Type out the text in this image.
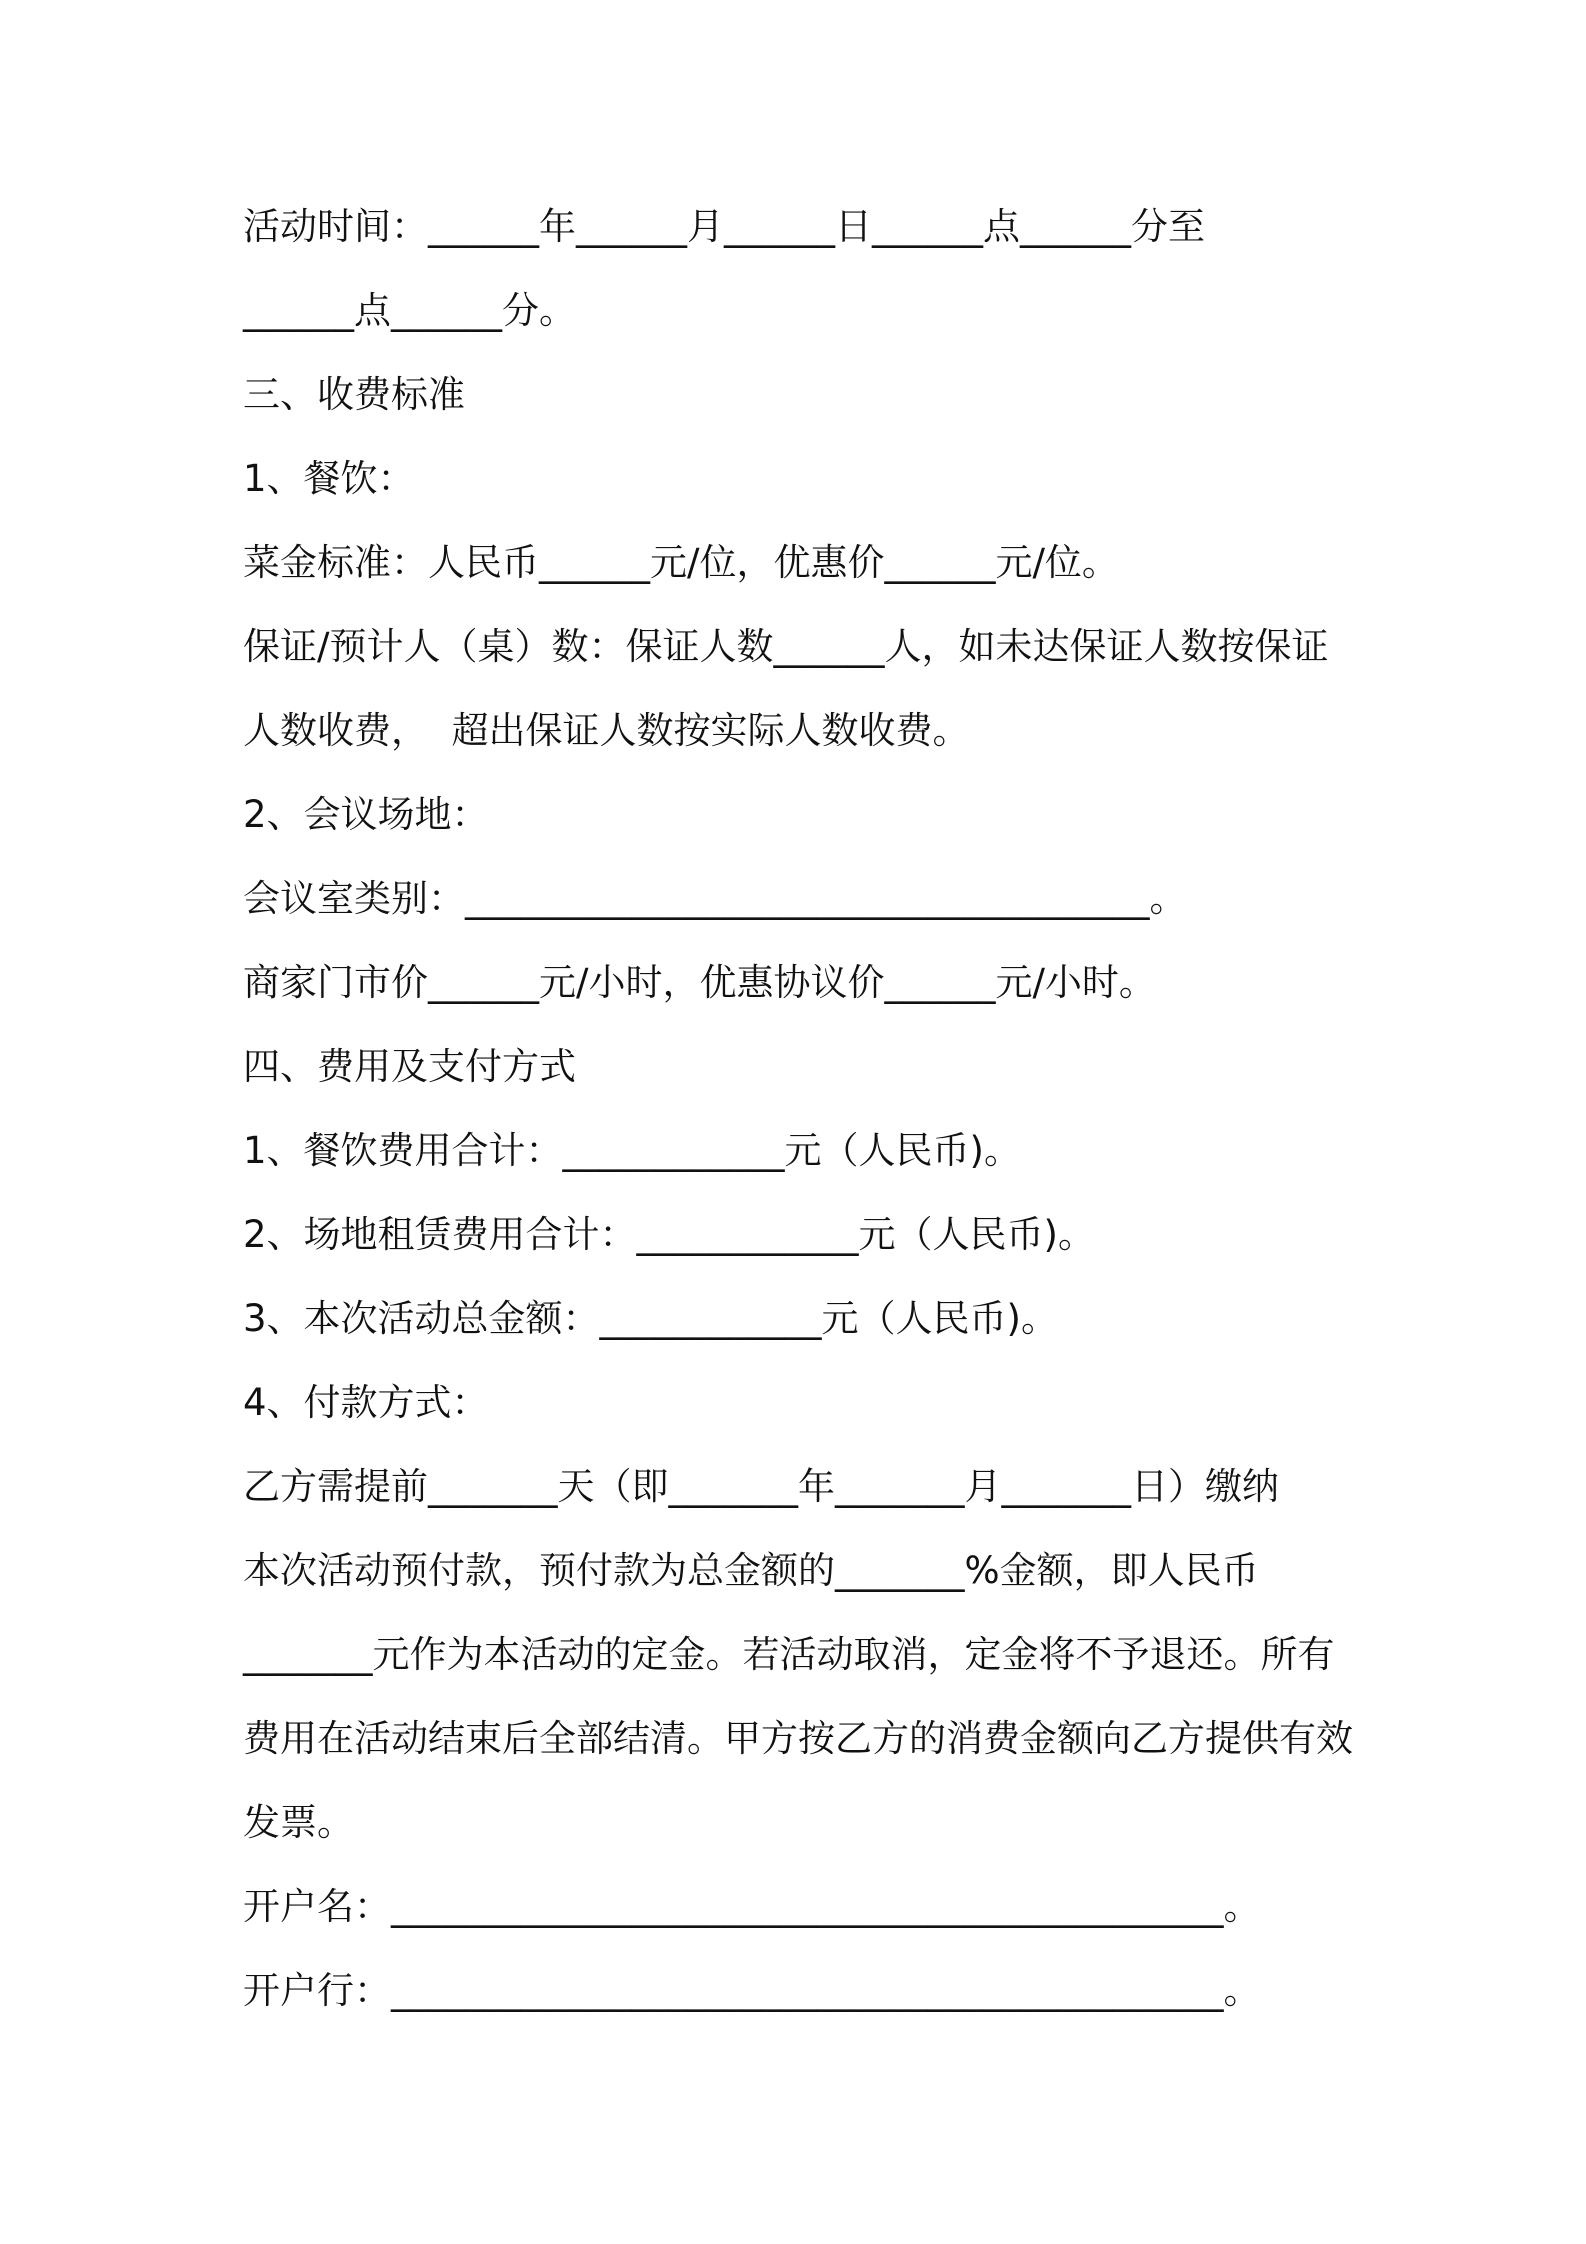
活动时间：______年______月______日______点______分至
______点______分。
三、收费标准
1、餐饮：
菜金标准：人民币______元/位，优惠价______元/位。
保证/预计人（桌）数：保证人数______人，如未达保证人数按保证
人数收费，  超出保证人数按实际人数收费。
2、会议场地：
会议室类别：_____________________________________。
商家门市价______元/小时，优惠协议价______元/小时。
四、费用及支付方式
1、餐饮费用合计：____________元（人民币)。
2、场地租赁费用合计：____________元（人民币)。
3、本次活动总金额：____________元（人民币)。
4、付款方式：
乙方需提前_______天（即_______年_______月_______日）缴纳
本次活动预付款，预付款为总金额的_______%金额，即人民币
_______元作为本活动的定金。若活动取消，定金将不予退还。所有
费用在活动结束后全部结清。甲方按乙方的消费金额向乙方提供有效
发票。
开户名：_____________________________________________。
开户行：_____________________________________________。
